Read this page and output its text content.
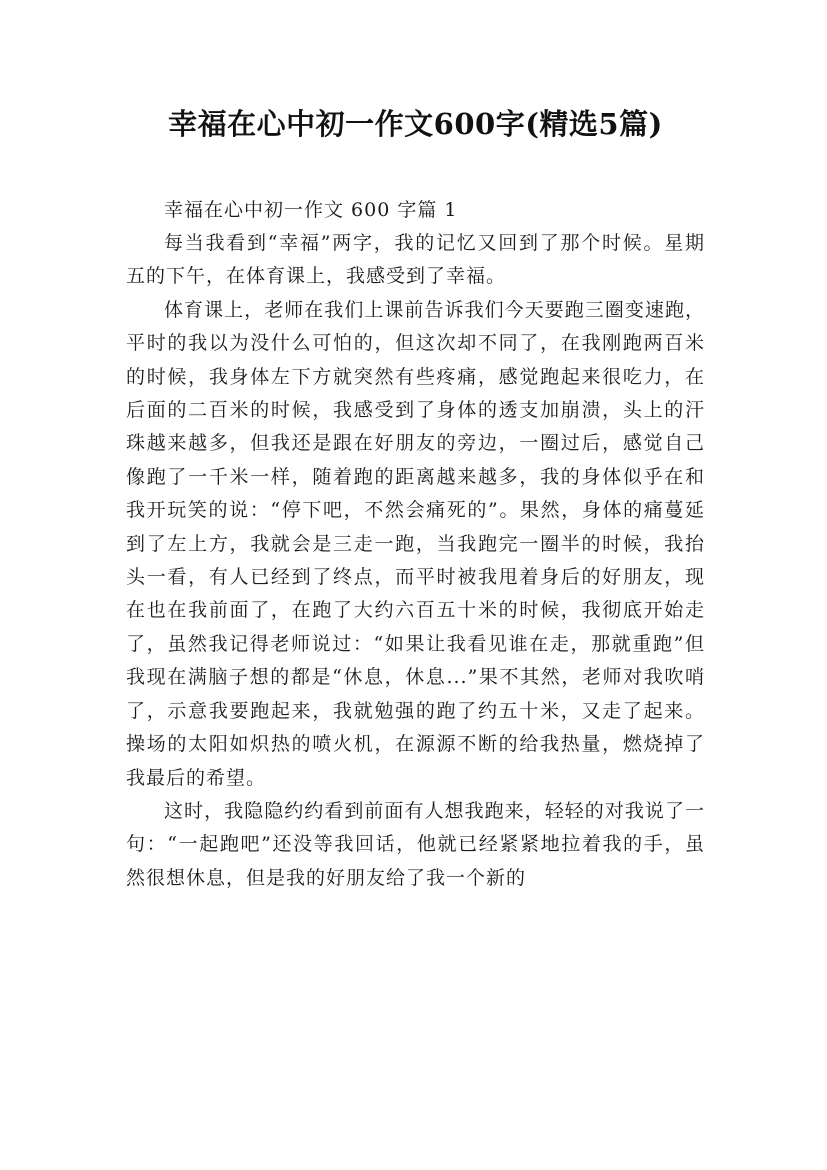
幸福在心中初一作文600字(精选5篇)

幸福在心中初一作文 600 字篇 1

每当我看到“幸福”两字，我的记忆又回到了那个时候。星期五的下午，在体育课上，我感受到了幸福。

体育课上，老师在我们上课前告诉我们今天要跑三圈变速跑，平时的我以为没什么可怕的，但这次却不同了，在我刚跑两百米的时候，我身体左下方就突然有些疼痛，感觉跑起来很吃力，在后面的二百米的时候，我感受到了身体的透支加崩溃，头上的汗珠越来越多，但我还是跟在好朋友的旁边，一圈过后，感觉自己像跑了一千米一样，随着跑的距离越来越多，我的身体似乎在和我开玩笑的说：“停下吧，不然会痛死的”。果然，身体的痛蔓延到了左上方，我就会是三走一跑，当我跑完一圈半的时候，我抬头一看，有人已经到了终点，而平时被我甩着身后的好朋友，现在也在我前面了，在跑了大约六百五十米的时候，我彻底开始走了，虽然我记得老师说过：“如果让我看见谁在走，那就重跑”但我现在满脑子想的都是“休息，休息...”果不其然，老师对我吹哨了，示意我要跑起来，我就勉强的跑了约五十米，又走了起来。操场的太阳如炽热的喷火机，在源源不断的给我热量，燃烧掉了我最后的希望。

这时，我隐隐约约看到前面有人想我跑来，轻轻的对我说了一句：“一起跑吧”还没等我回话，他就已经紧紧地拉着我的手，虽然很想休息，但是我的好朋友给了我一个新的
